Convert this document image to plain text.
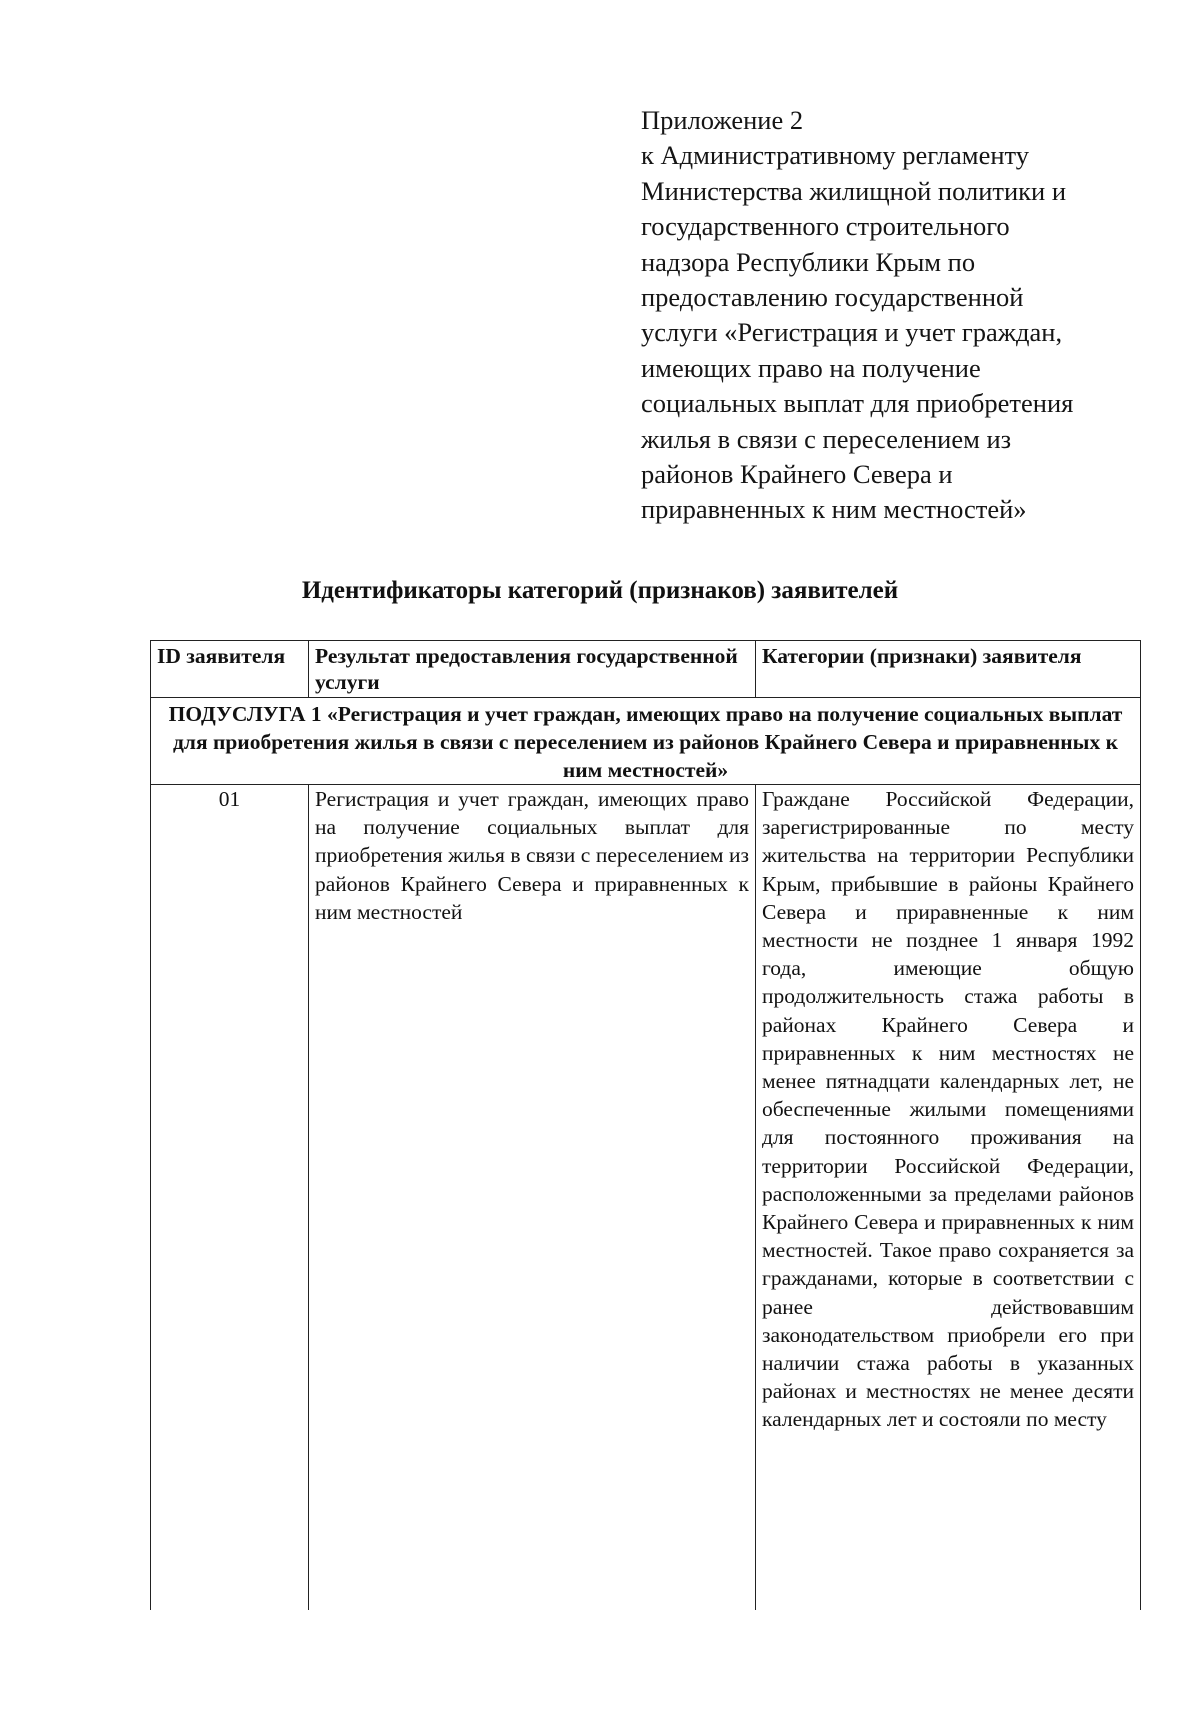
Приложение 2
к Административному регламенту
Министерства жилищной политики и
государственного строительного
надзора Республики Крым по
предоставлению государственной
услуги «Регистрация и учет граждан,
имеющих право на получение
социальных выплат для приобретения
жилья в связи с переселением из
районов Крайнего Севера и
приравненных к ним местностей»
Идентификаторы категорий (признаков) заявителей
ID заявителя	Результат предоставления государственной услуги	Категории (признаки) заявителя
ПОДУСЛУГА 1 «Регистрация и учет граждан, имеющих право на получение социальных выплат для приобретения жилья в связи с переселением из районов Крайнего Севера и приравненных к ним местностей»		
01	Регистрация и учет граждан, имеющих право на получение социальных выплат для приобретения жилья в связи с переселением из районов Крайнего Севера и приравненных к ним местностей	Граждане Российской Федерации, зарегистрированные по месту жительства на территории Республики Крым, прибывшие в районы Крайнего Севера и приравненные к ним местности не позднее 1 января 1992 года, имеющие общую продолжительность стажа работы в районах Крайнего Севера и приравненных к ним местностях не менее пятнадцати календарных лет, не обеспеченные жилыми помещениями для постоянного проживания на территории Российской Федерации, расположенными за пределами районов Крайнего Севера и приравненных к ним местностей. Такое право сохраняется за гражданами, которые в соответствии с ранее действовавшим законодательством приобрели его при наличии стажа работы в указанных районах и местностях не менее десяти календарных лет и состояли по месту
